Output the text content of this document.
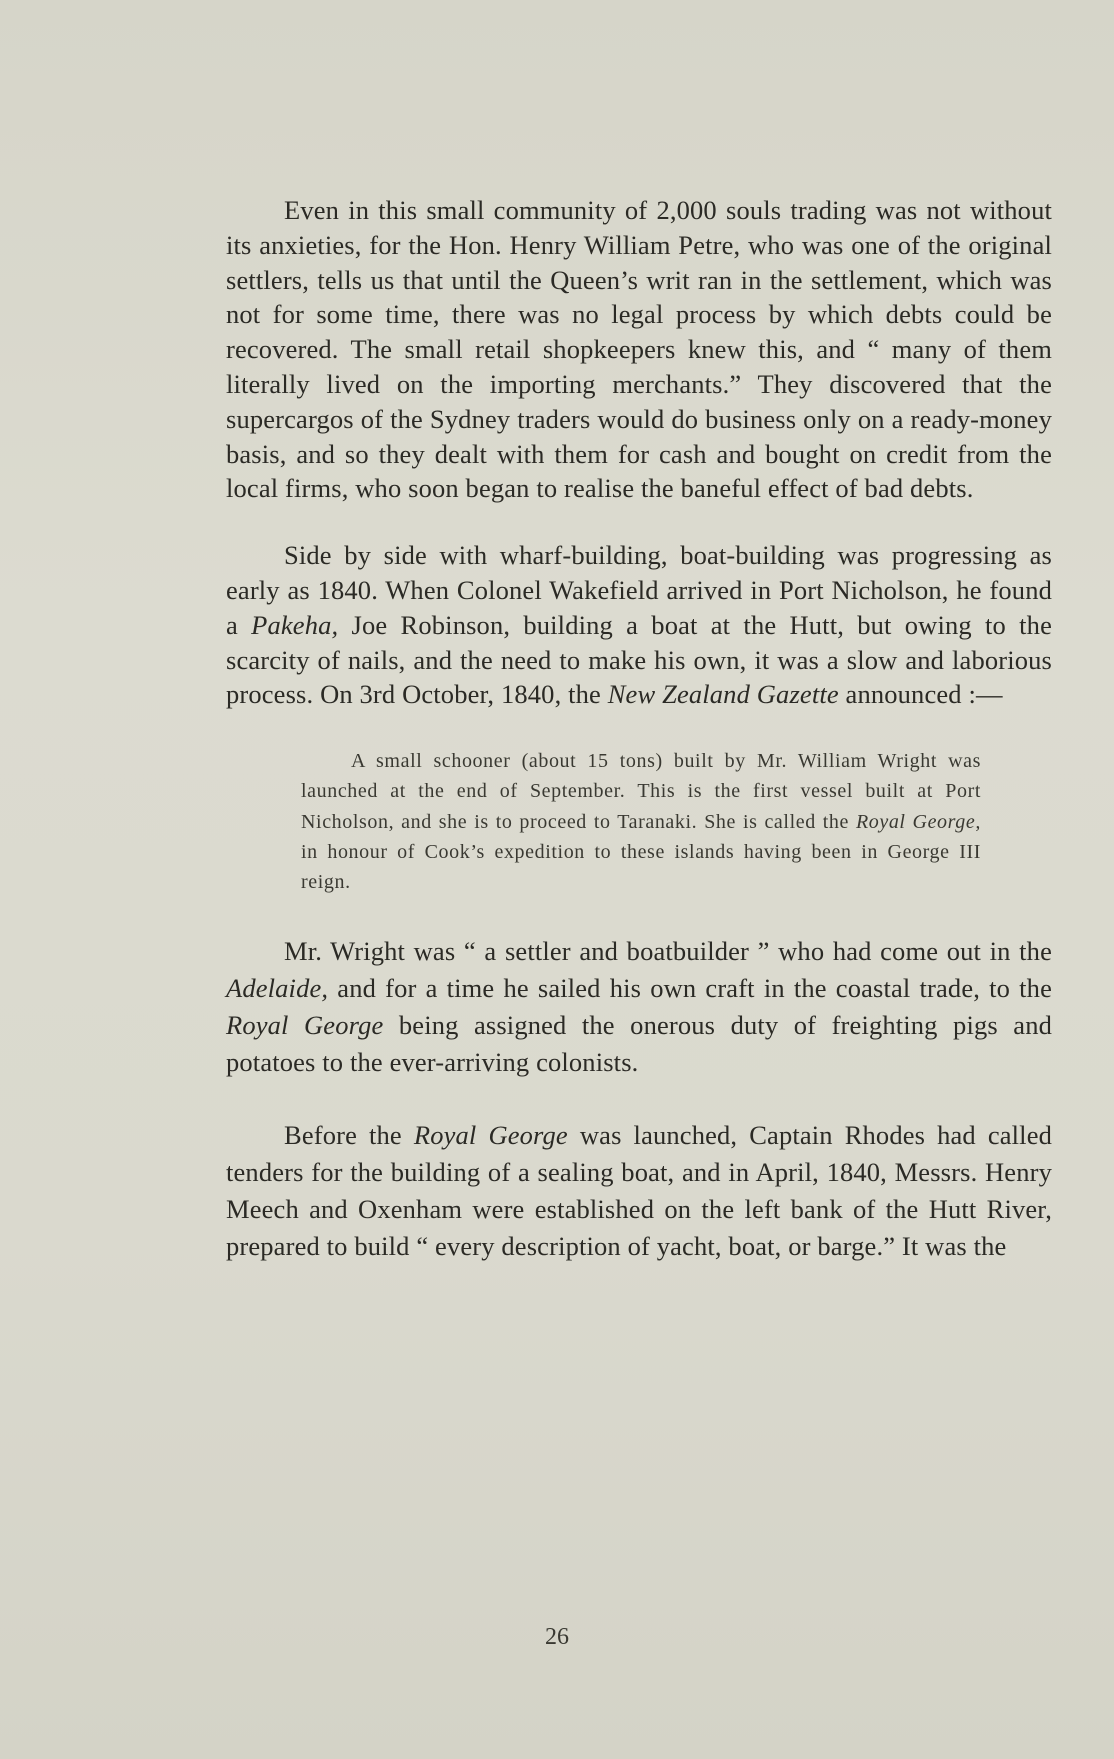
Even in this small community of 2,000 souls trading was not without its anxieties, for the Hon. Henry William Petre, who was one of the original settlers, tells us that until the Queen’s writ ran in the settlement, which was not for some time, there was no legal process by which debts could be recovered. The small retail shopkeepers knew this, and “ many of them literally lived on the importing merchants.” They discovered that the supercargos of the Sydney traders would do business only on a ready-money basis, and so they dealt with them for cash and bought on credit from the local firms, who soon began to realise the baneful effect of bad debts.

Side by side with wharf-building, boat-building was progressing as early as 1840. When Colonel Wakefield arrived in Port Nicholson, he found a Pakeha, Joe Robinson, building a boat at the Hutt, but owing to the scarcity of nails, and the need to make his own, it was a slow and laborious process. On 3rd October, 1840, the New Zealand Gazette announced :—

A small schooner (about 15 tons) built by Mr. William Wright was launched at the end of September. This is the first vessel built at Port Nicholson, and she is to proceed to Taranaki. She is called the Royal George, in honour of Cook’s expedition to these islands having been in George III reign.

Mr. Wright was “ a settler and boatbuilder ” who had come out in the Adelaide, and for a time he sailed his own craft in the coastal trade, to the Royal George being assigned the onerous duty of freighting pigs and potatoes to the ever-arriving colonists.

Before the Royal George was launched, Captain Rhodes had called tenders for the building of a sealing boat, and in April, 1840, Messrs. Henry Meech and Oxenham were established on the left bank of the Hutt River, prepared to build “ every description of yacht, boat, or barge.” It was the

26
